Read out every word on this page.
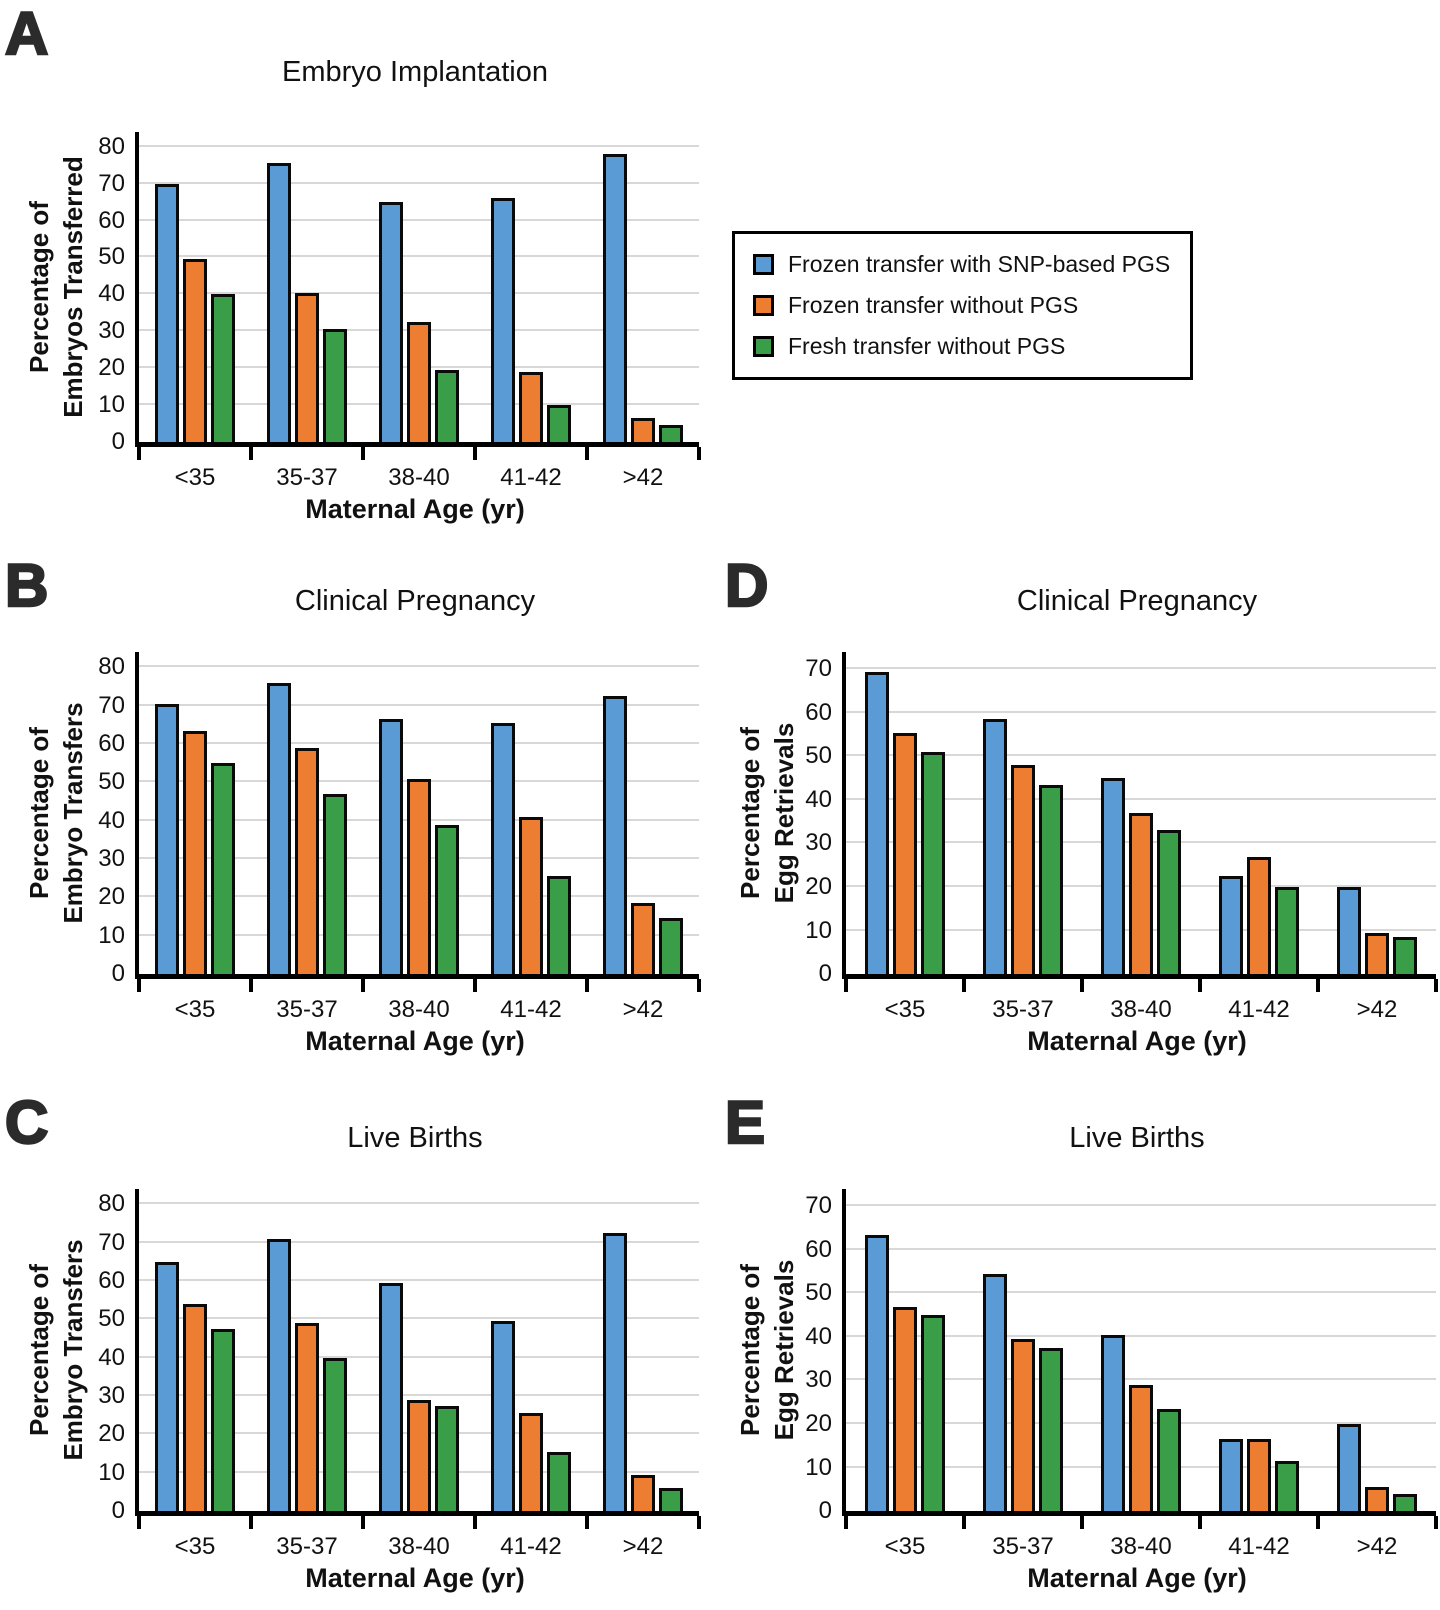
A
Embryo Implantation
Percentage of Embryos Transferred
0
10
20
30
40
50
60
70
80
<35	35-37	38-40	41-42	>42
Maternal Age (yr)
Frozen transfer with SNP-based PGS
Frozen transfer without PGS
Fresh transfer without PGS
B	Clinical Pregnancy
Percentage of Embryo Transfers
0
10
20
30
40
50
60
70
80
<35	35-37	38-40	41-42	>42
Maternal Age (yr)
D	Clinical Pregnancy
Percentage of Egg Retrievals
0
10
20
30
40
50
60
70
<35	35-37	38-40	41-42	>42
Maternal Age (yr)
C	Live Births
Percentage of Embryo Transfers
0
10
20
30
40
50
60
70
80
<35	35-37	38-40	41-42	>42
Maternal Age (yr)
E	Live Births
Percentage of Egg Retrievals
0
10
20
30
40
50
60
70
<35	35-37	38-40	41-42	>42
Maternal Age (yr)
